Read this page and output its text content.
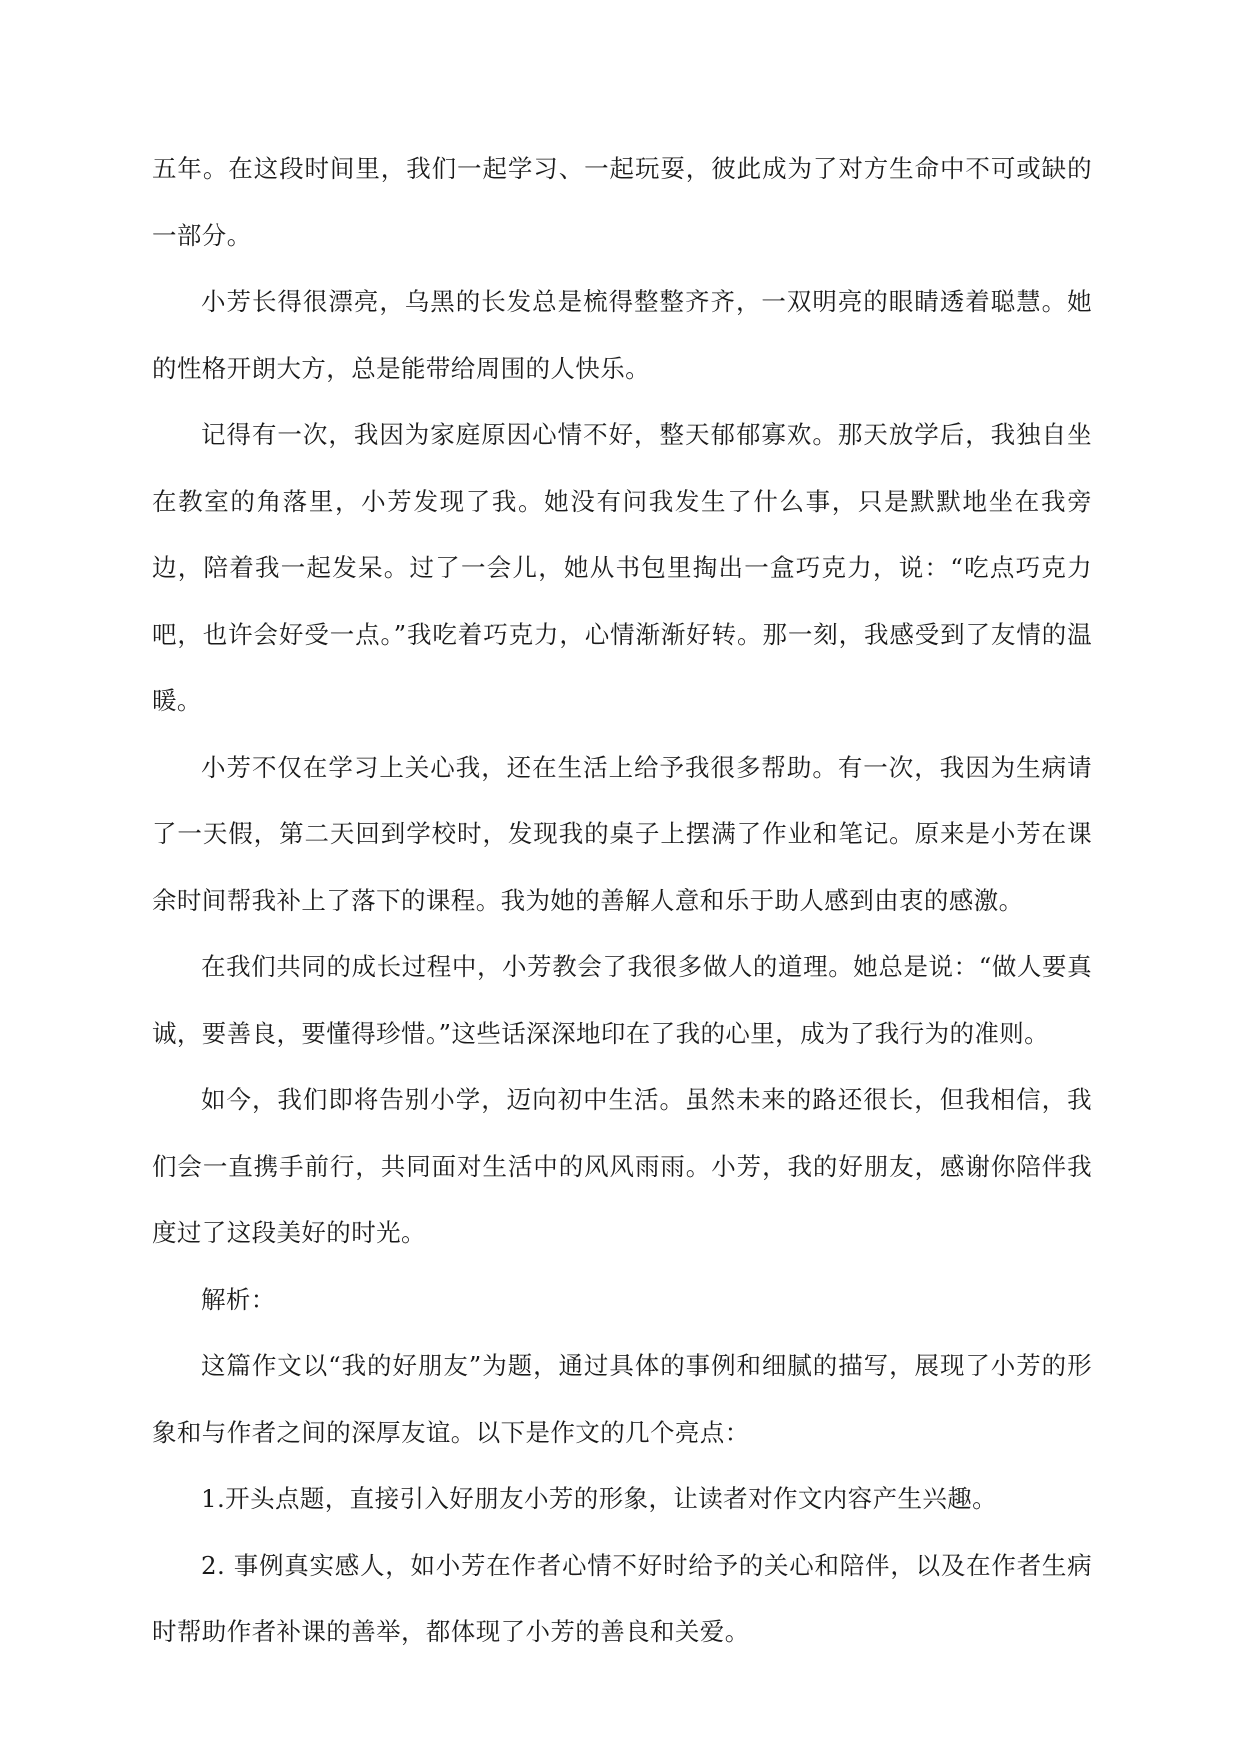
五年。在这段时间里，我们一起学习、一起玩耍，彼此成为了对方生命中不可或缺的一部分。

小芳长得很漂亮，乌黑的长发总是梳得整整齐齐，一双明亮的眼睛透着聪慧。她的性格开朗大方，总是能带给周围的人快乐。

记得有一次，我因为家庭原因心情不好，整天郁郁寡欢。那天放学后，我独自坐在教室的角落里，小芳发现了我。她没有问我发生了什么事，只是默默地坐在我旁边，陪着我一起发呆。过了一会儿，她从书包里掏出一盒巧克力，说：“吃点巧克力吧，也许会好受一点。”我吃着巧克力，心情渐渐好转。那一刻，我感受到了友情的温暖。

小芳不仅在学习上关心我，还在生活上给予我很多帮助。有一次，我因为生病请了一天假，第二天回到学校时，发现我的桌子上摆满了作业和笔记。原来是小芳在课余时间帮我补上了落下的课程。我为她的善解人意和乐于助人感到由衷的感激。

在我们共同的成长过程中，小芳教会了我很多做人的道理。她总是说：“做人要真诚，要善良，要懂得珍惜。”这些话深深地印在了我的心里，成为了我行为的准则。

如今，我们即将告别小学，迈向初中生活。虽然未来的路还很长，但我相信，我们会一直携手前行，共同面对生活中的风风雨雨。小芳，我的好朋友，感谢你陪伴我度过了这段美好的时光。

解析：

这篇作文以“我的好朋友”为题，通过具体的事例和细腻的描写，展现了小芳的形象和与作者之间的深厚友谊。以下是作文的几个亮点：

1.开头点题，直接引入好朋友小芳的形象，让读者对作文内容产生兴趣。

2. 事例真实感人，如小芳在作者心情不好时给予的关心和陪伴，以及在作者生病时帮助作者补课的善举，都体现了小芳的善良和关爱。
